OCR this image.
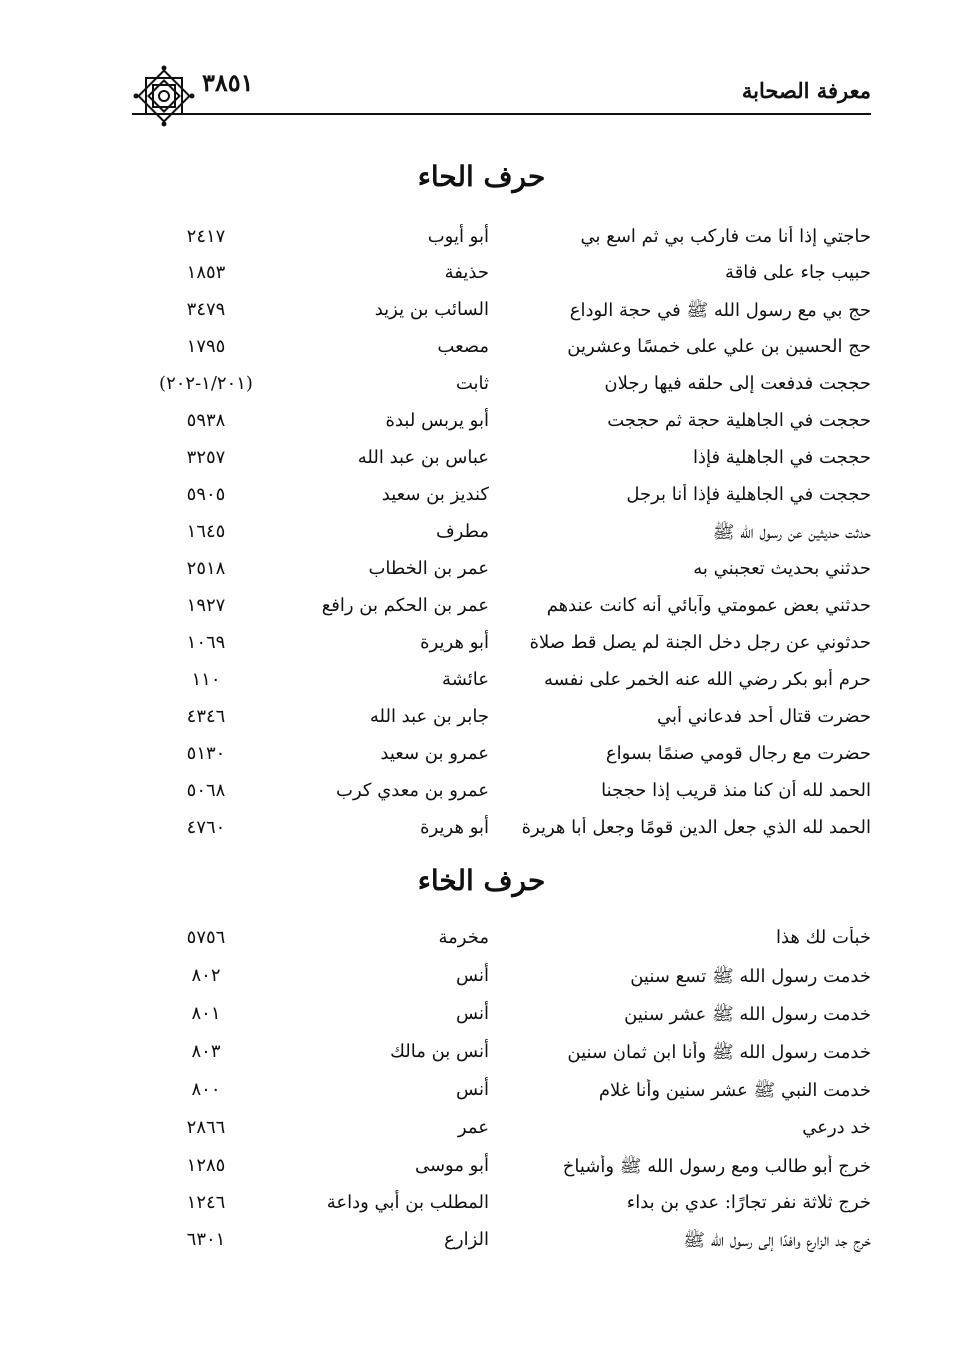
معرفة الصحابة
٣٨٥١
حرف الحاء
حاجتي إذا أنا مت فاركب بي ثم اسع بي
أبو أيوب
٢٤١٧
حبيب جاء على فاقة
حذيفة
١٨٥٣
حج بي مع رسول الله ﷺ في حجة الوداع
السائب بن يزيد
٣٤٧٩
حج الحسين بن علي على خمسًا وعشرين
مصعب
١٧٩٥
حججت فدفعت إلى حلقه فيها رجلان
ثابت
(١/٢٠١-٢٠٢)
حججت في الجاهلية حجة ثم حججت
أبو يربس لبدة
٥٩٣٨
حججت في الجاهلية فإذا
عباس بن عبد الله
٣٢٥٧
حججت في الجاهلية فإذا أنا برجل
كنديز بن سعيد
٥٩٠٥
حدثت حديثين عن رسول الله ﷺ
مطرف
١٦٤٥
حدثني بحديث تعجبني به
عمر بن الخطاب
٢٥١٨
حدثني بعض عمومتي وآبائي أنه كانت عندهم
عمر بن الحكم بن رافع
١٩٢٧
حدثوني عن رجل دخل الجنة لم يصل قط صلاة
أبو هريرة
١٠٦٩
حرم أبو بكر رضي الله عنه الخمر على نفسه
عائشة
١١٠
حضرت قتال أحد فدعاني أبي
جابر بن عبد الله
٤٣٤٦
حضرت مع رجال قومي صنمًا بسواع
عمرو بن سعيد
٥١٣٠
الحمد لله أن كنا منذ قريب إذا حججنا
عمرو بن معدي كرب
٥٠٦٨
الحمد لله الذي جعل الدين قومًا وجعل أبا هريرة
أبو هريرة
٤٧٦٠
حرف الخاء
خبأت لك هذا
مخرمة
٥٧٥٦
خدمت رسول الله ﷺ تسع سنين
أنس
٨٠٢
خدمت رسول الله ﷺ عشر سنين
أنس
٨٠١
خدمت رسول الله ﷺ وأنا ابن ثمان سنين
أنس بن مالك
٨٠٣
خدمت النبي ﷺ عشر سنين وأنا غلام
أنس
٨٠٠
خد درعي
عمر
٢٨٦٦
خرج أبو طالب ومع رسول الله ﷺ وأشياخ
أبو موسى
١٢٨٥
خرج ثلاثة نفر تجارًا: عدي بن بداء
المطلب بن أبي وداعة
١٢٤٦
خرج جد الزارع وافدًا إلى رسول الله ﷺ
الزارع
٦٣٠١
